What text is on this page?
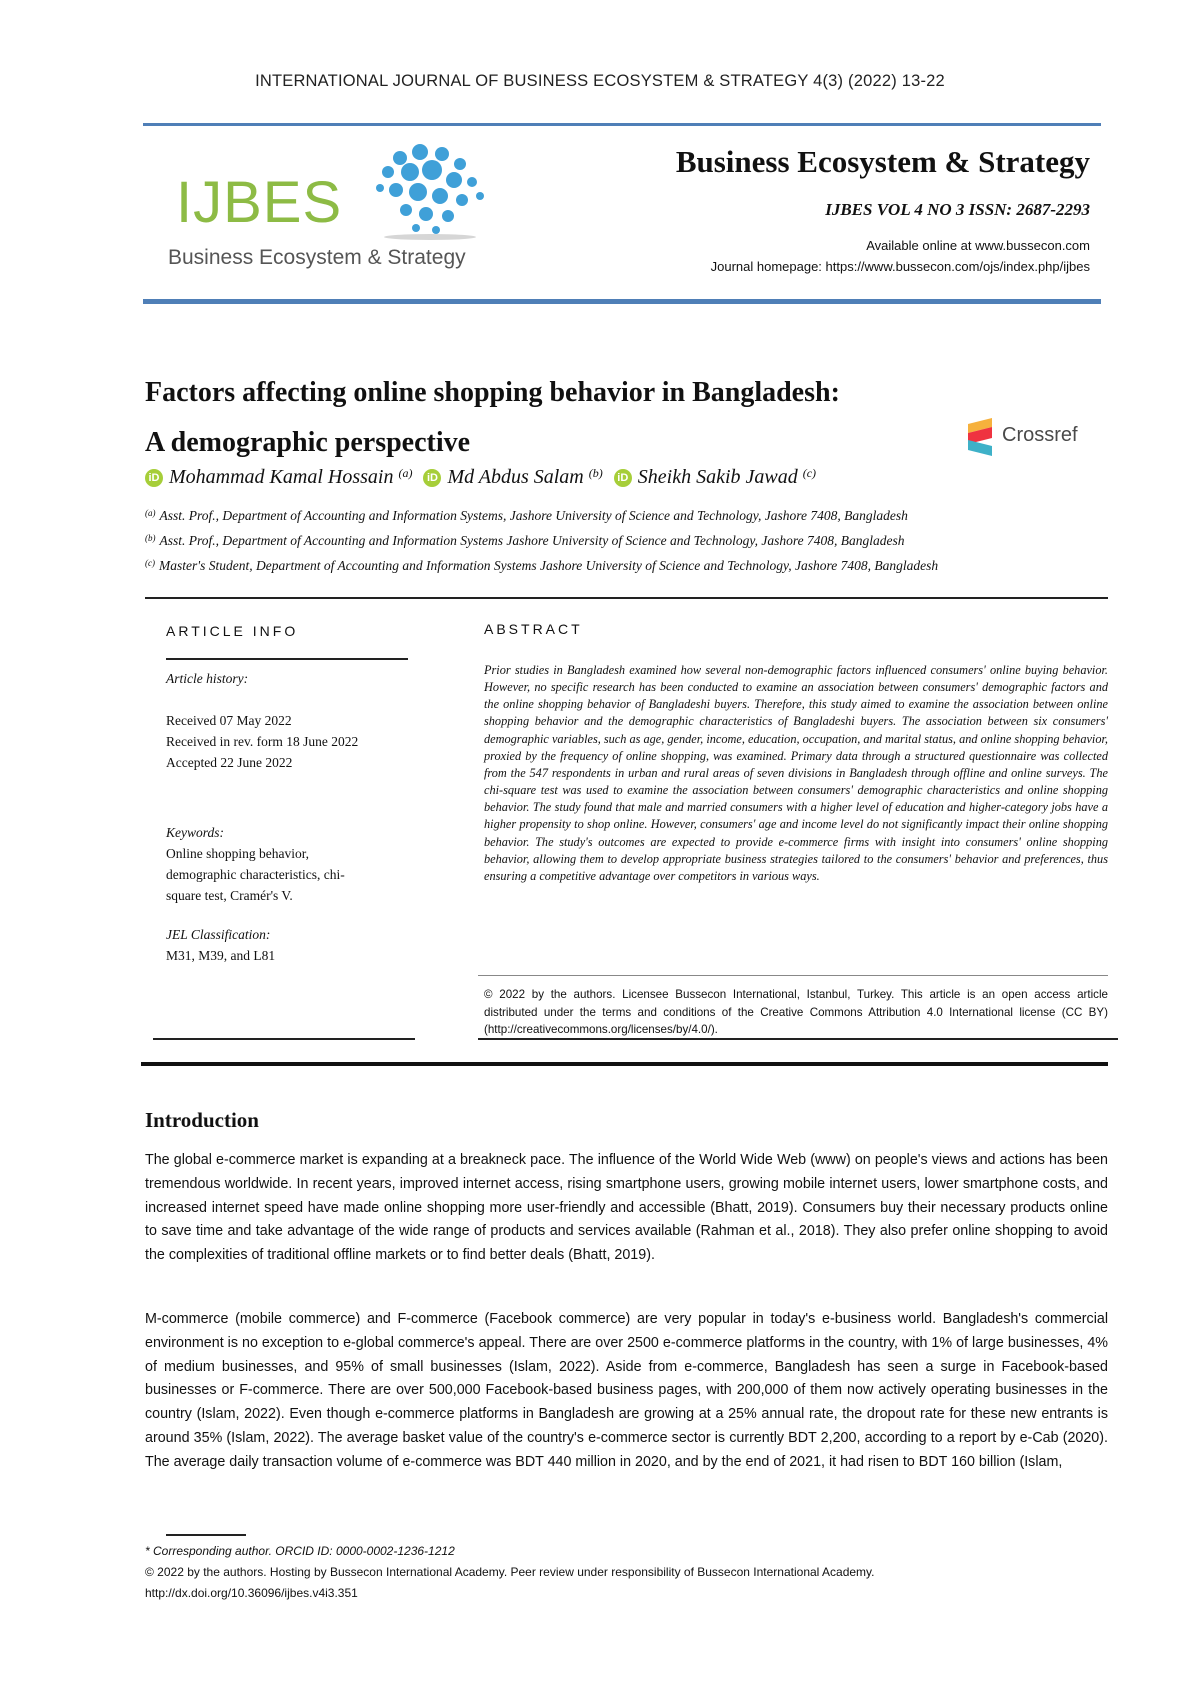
INTERNATIONAL JOURNAL OF BUSINESS ECOSYSTEM & STRATEGY 4(3) (2022) 13-22
IJBES
Business Ecosystem & Strategy
Business Ecosystem & Strategy
IJBES VOL 4 NO 3 ISSN: 2687-2293
Available online at www.bussecon.com
Journal homepage: https://www.bussecon.com/ojs/index.php/ijbes
Factors affecting online shopping behavior in Bangladesh:
A demographic perspective	Crossref
iD Mohammad Kamal Hossain $^{(a)}$ iD Md Abdus Salam $^{(b)}$ iD Sheikh Sakib Jawad $^{(c)}$
$^{(a)}$ Asst. Prof., Department of Accounting and Information Systems, Jashore University of Science and Technology, Jashore 7408, Bangladesh
$^{(b)}$ Asst. Prof., Department of Accounting and Information Systems Jashore University of Science and Technology, Jashore 7408, Bangladesh
$^{(c)}$ Master's Student, Department of Accounting and Information Systems Jashore University of Science and Technology, Jashore 7408, Bangladesh
ARTICLE INFO
Article history:
Received 07 May 2022
Received in rev. form 18 June 2022
Accepted 22 June 2022
Keywords:
Online shopping behavior,
demographic characteristics, chi-
square test, Cramér's V.
JEL Classification:
M31, M39, and L81
ABSTRACT
Prior studies in Bangladesh examined how several non-demographic factors influenced consumers' online buying behavior. However, no specific research has been conducted to examine an association between consumers' demographic factors and the online shopping behavior of Bangladeshi buyers. Therefore, this study aimed to examine the association between online shopping behavior and the demographic characteristics of Bangladeshi buyers. The association between six consumers' demographic variables, such as age, gender, income, education, occupation, and marital status, and online shopping behavior, proxied by the frequency of online shopping, was examined. Primary data through a structured questionnaire was collected from the 547 respondents in urban and rural areas of seven divisions in Bangladesh through offline and online surveys. The chi-square test was used to examine the association between consumers' demographic characteristics and online shopping behavior. The study found that male and married consumers with a higher level of education and higher-category jobs have a higher propensity to shop online. However, consumers' age and income level do not significantly impact their online shopping behavior. The study's outcomes are expected to provide e-commerce firms with insight into consumers' online shopping behavior, allowing them to develop appropriate business strategies tailored to the consumers' behavior and preferences, thus ensuring a competitive advantage over competitors in various ways.
© 2022 by the authors. Licensee Bussecon International, Istanbul, Turkey. This article is an open access article distributed under the terms and conditions of the Creative Commons Attribution 4.0 International license (CC BY) (http://creativecommons.org/licenses/by/4.0/).
Introduction
The global e-commerce market is expanding at a breakneck pace. The influence of the World Wide Web (www) on people's views and actions has been tremendous worldwide. In recent years, improved internet access, rising smartphone users, growing mobile internet users, lower smartphone costs, and increased internet speed have made online shopping more user-friendly and accessible (Bhatt, 2019). Consumers buy their necessary products online to save time and take advantage of the wide range of products and services available (Rahman et al., 2018). They also prefer online shopping to avoid the complexities of traditional offline markets or to find better deals (Bhatt, 2019).
M-commerce (mobile commerce) and F-commerce (Facebook commerce) are very popular in today's e-business world. Bangladesh's commercial environment is no exception to e-global commerce's appeal. There are over 2500 e-commerce platforms in the country, with 1% of large businesses, 4% of medium businesses, and 95% of small businesses (Islam, 2022). Aside from e-commerce, Bangladesh has seen a surge in Facebook-based businesses or F-commerce. There are over 500,000 Facebook-based business pages, with 200,000 of them now actively operating businesses in the country (Islam, 2022). Even though e-commerce platforms in Bangladesh are growing at a 25% annual rate, the dropout rate for these new entrants is around 35% (Islam, 2022). The average basket value of the country's e-commerce sector is currently BDT 2,200, according to a report by e-Cab (2020). The average daily transaction volume of e-commerce was BDT 440 million in 2020, and by the end of 2021, it had risen to BDT 160 billion (Islam,
* Corresponding author. ORCID ID: 0000-0002-1236-1212
© 2022 by the authors. Hosting by Bussecon International Academy. Peer review under responsibility of Bussecon International Academy.
http://dx.doi.org/10.36096/ijbes.v4i3.351
